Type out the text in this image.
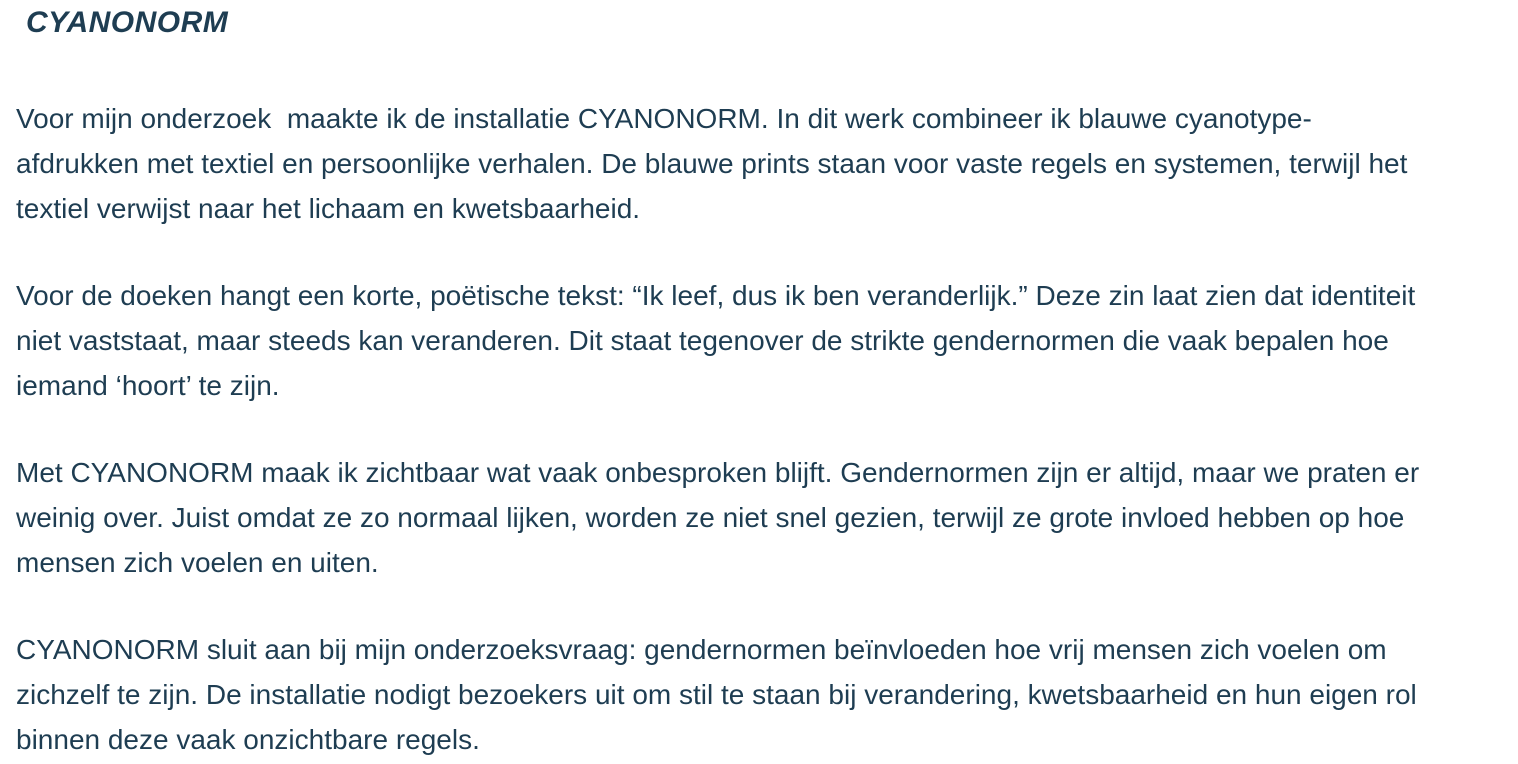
CYANONORM

Voor mijn onderzoek  maakte ik de installatie CYANONORM. In dit werk combineer ik blauwe cyanotype-afdrukken met textiel en persoonlijke verhalen. De blauwe prints staan voor vaste regels en systemen, terwijl het textiel verwijst naar het lichaam en kwetsbaarheid.

Voor de doeken hangt een korte, poëtische tekst: “Ik leef, dus ik ben veranderlijk.” Deze zin laat zien dat identiteit niet vaststaat, maar steeds kan veranderen. Dit staat tegenover de strikte gendernormen die vaak bepalen hoe iemand ‘hoort’ te zijn.

Met CYANONORM maak ik zichtbaar wat vaak onbesproken blijft. Gendernormen zijn er altijd, maar we praten er weinig over. Juist omdat ze zo normaal lijken, worden ze niet snel gezien, terwijl ze grote invloed hebben op hoe mensen zich voelen en uiten.

CYANONORM sluit aan bij mijn onderzoeksvraag: gendernormen beïnvloeden hoe vrij mensen zich voelen om zichzelf te zijn. De installatie nodigt bezoekers uit om stil te staan bij verandering, kwetsbaarheid en hun eigen rol binnen deze vaak onzichtbare regels.
